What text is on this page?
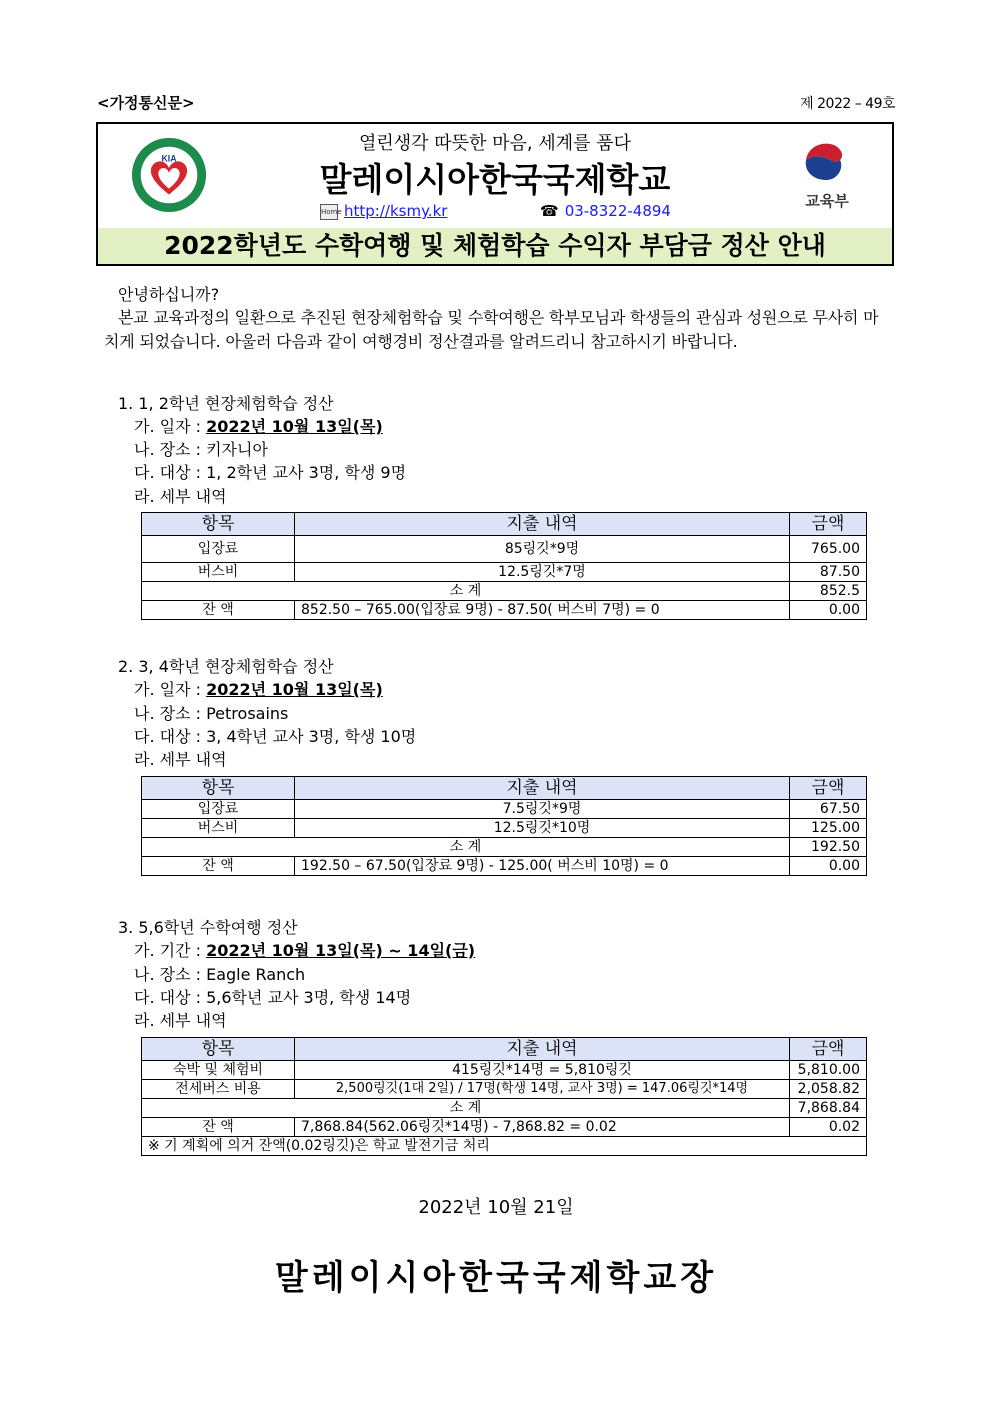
<가정통신문>	제 2022 – 49호
KIA
열린생각 따뜻한 마음, 세계를 품다
말레이시아한국국제학교
Home http://ksmy.kr	☎ 03-8322-4894
교육부
2022학년도 수학여행 및 체험학습 수익자 부담금 정산 안내
안녕하십니까?
본교 교육과정의 일환으로 추진된 현장체험학습 및 수학여행은 학부모님과 학생들의 관심과 성원으로 무사히 마치게 되었습니다. 아울러 다음과 같이 여행경비 정산결과를 알려드리니 참고하시기 바랍니다.
1. 1, 2학년 현장체험학습 정산
가. 일자 : 2022년 10월 13일(목)
나. 장소 : 키자니아
다. 대상 : 1, 2학년 교사 3명, 학생 9명
라. 세부 내역
항목	지출 내역	금액
입장료	85링깃*9명	765.00
버스비	12.5링깃*7명	87.50
소 계		852.5
잔 액	852.50 – 765.00(입장료 9명) - 87.50( 버스비 7명) = 0	0.00
2. 3, 4학년 현장체험학습 정산
가. 일자 : 2022년 10월 13일(목)
나. 장소 : Petrosains
다. 대상 : 3, 4학년 교사 3명, 학생 10명
라. 세부 내역
항목	지출 내역	금액
입장료	7.5링깃*9명	67.50
버스비	12.5링깃*10명	125.00
소 계		192.50
잔 액	192.50 – 67.50(입장료 9명) - 125.00( 버스비 10명) = 0	0.00
3. 5,6학년 수학여행 정산
가. 기간 : 2022년 10월 13일(목) ~ 14일(금)
나. 장소 : Eagle Ranch
다. 대상 : 5,6학년 교사 3명, 학생 14명
라. 세부 내역
항목	지출 내역	금액
숙박 및 체험비	415링깃*14명 = 5,810링깃	5,810.00
전세버스 비용	2,500링깃(1대 2일) / 17명(학생 14명, 교사 3명) = 147.06링깃*14명	2,058.82
소 계		7,868.84
잔 액	7,868.84(562.06링깃*14명) - 7,868.82 = 0.02	0.02
※ 기 계획에 의거 잔액(0.02링깃)은 학교 발전기금 처리		
2022년 10월 21일
말레이시아한국국제학교장
